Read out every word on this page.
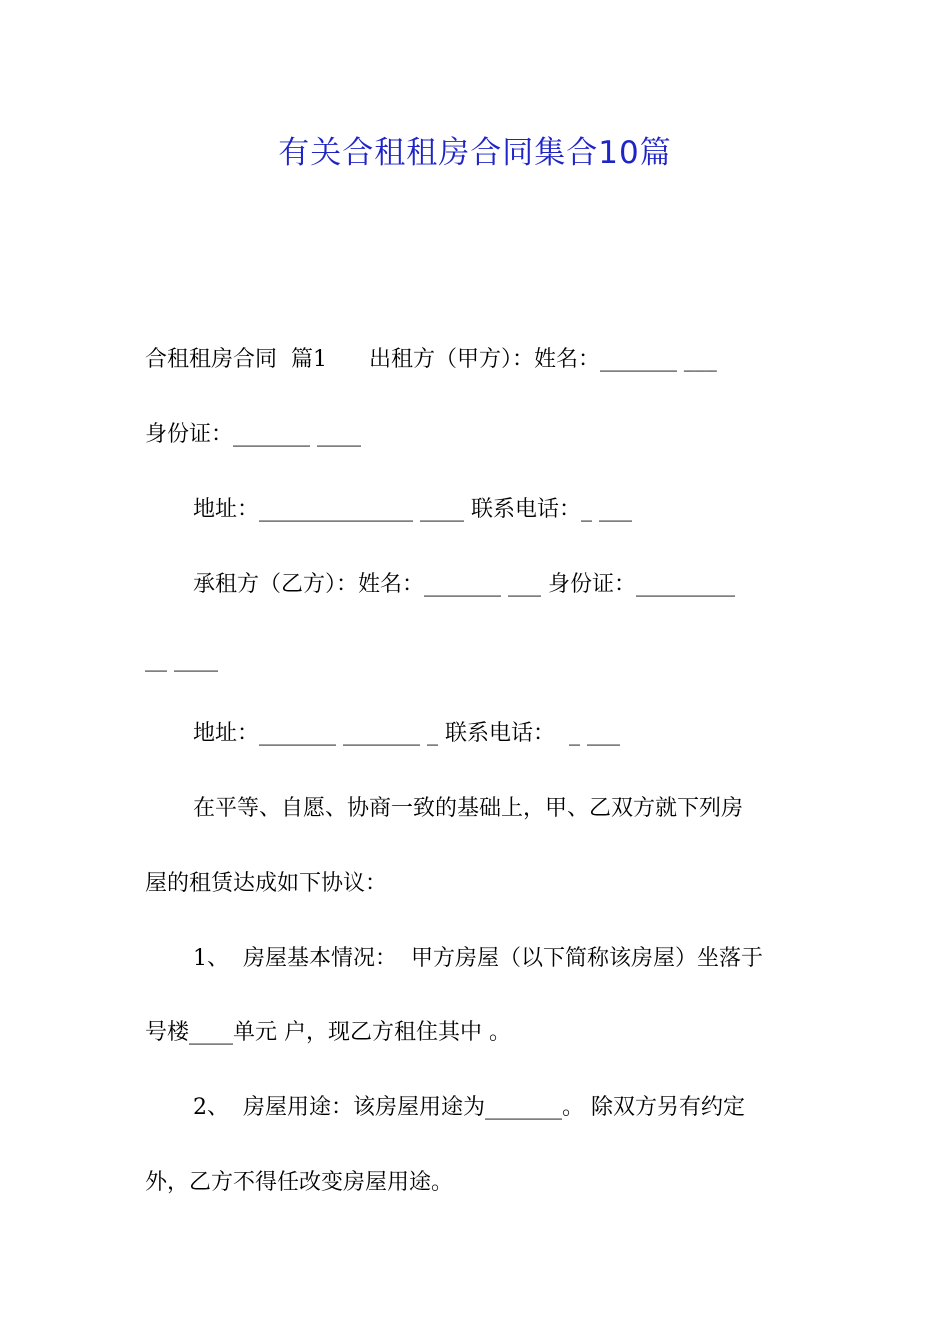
有关合租租房合同集合10篇
合租租房合同  篇1      出租方（甲方）：姓名：_______ ___
身份证：_______ ____
地址：______________ ____ 联系电话：_ ___
承租方（乙方）：姓名：_______ ___ 身份证：_________
__ ____
地址：_______ _______ _ 联系电话：  _ ___
在平等、自愿、协商一致的基础上，甲、乙双方就下列房
屋的租赁达成如下协议：
1、  房屋基本情况：  甲方房屋（以下简称该房屋）坐落于
号楼____单元 户，现乙方租住其中 。
2、  房屋用途：该房屋用途为_______。 除双方另有约定
外，乙方不得任改变房屋用途。
